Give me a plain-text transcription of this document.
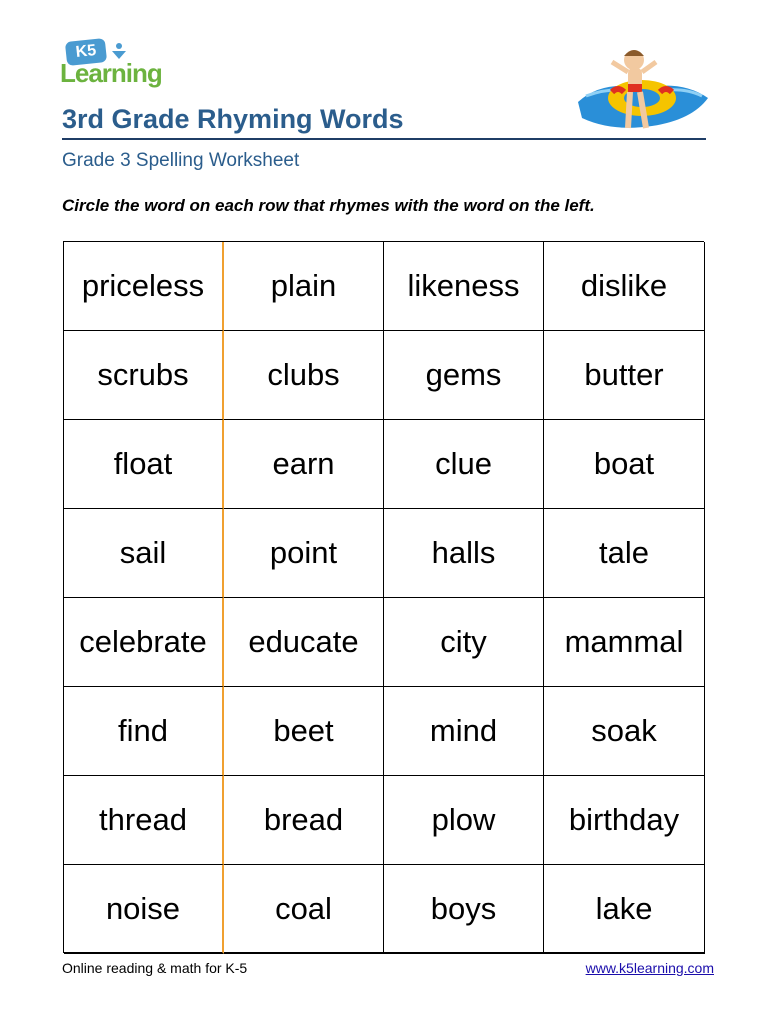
K5
Learning
3rd Grade Rhyming Words
Grade 3 Spelling Worksheet
Circle the word on each row that rhymes with the word on the left.
priceless	plain	likeness	dislike
scrubs	clubs	gems	butter
float	earn	clue	boat
sail	point	halls	tale
celebrate	educate	city	mammal
find	beet	mind	soak
thread	bread	plow	birthday
noise	coal	boys	lake
Online reading & math for K-5	www.k5learning.com
